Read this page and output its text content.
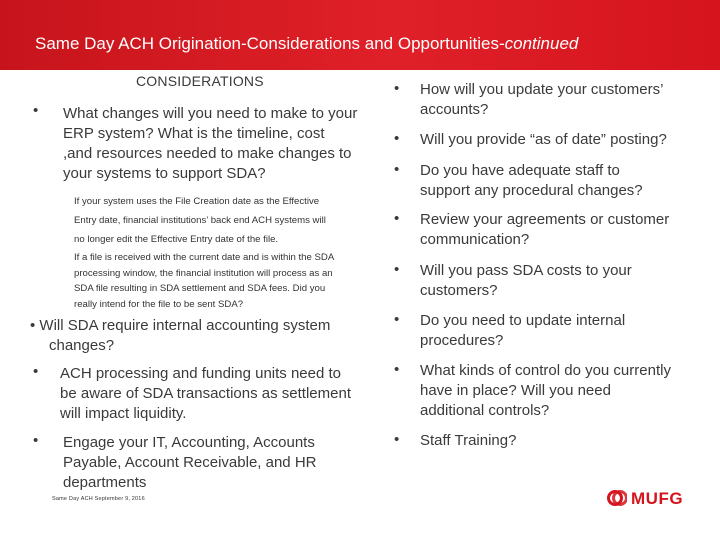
Same Day ACH Origination-Considerations and Opportunities-continued
CONSIDERATIONS
• What changes will you need to make to your
ERP system? What is the timeline, cost
,and resources needed to make changes to
your systems to support SDA?
If your system uses the File Creation date as the Effective
Entry date, financial institutions’ back end ACH systems will
no longer edit the Effective Entry date of the file.
If a file is received with the current date and is within the SDA
processing window, the financial institution will process as an
SDA file resulting in SDA settlement and SDA fees. Did you
really intend for the file to be sent SDA?
• Will SDA require internal accounting system
changes?
• ACH processing and funding units need to
be aware of SDA transactions as settlement
will impact liquidity.
• Engage your IT, Accounting, Accounts
Payable, Account Receivable, and HR
departments
• How will you update your customers’
accounts?
• Will you provide “as of date” posting?
• Do you have adequate staff to
support any procedural changes?
• Review your agreements or customer
communication?
• Will you pass SDA costs to your
customers?
• Do you need to update internal
procedures?
• What kinds of control do you currently
have in place? Will you need
additional controls?
• Staff Training?
Same Day ACH September 9, 2016	MUFG
